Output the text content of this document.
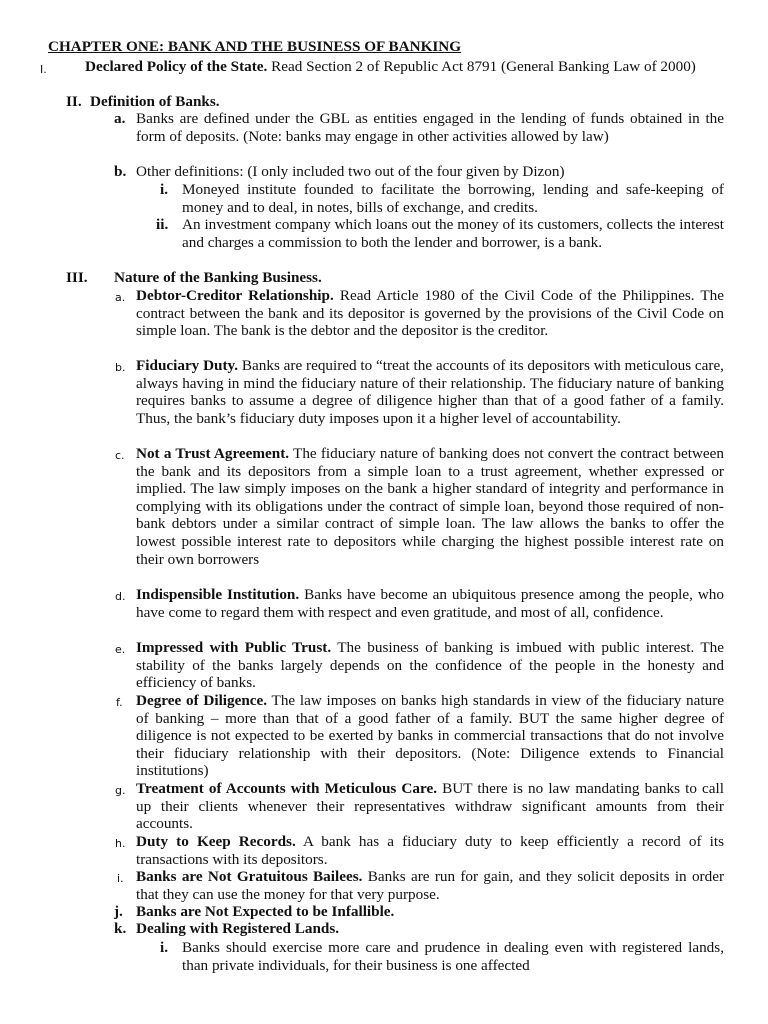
CHAPTER ONE: BANK AND THE BUSINESS OF BANKING
I.	Declared Policy of the State. Read Section 2 of Republic Act 8791 (General Banking Law of 2000)
II. Definition of Banks.
a. Banks are defined under the GBL as entities engaged in the lending of funds obtained in the form of deposits. (Note: banks may engage in other activities allowed by law)
b. Other definitions: (I only included two out of the four given by Dizon)
i. Moneyed institute founded to facilitate the borrowing, lending and safe-keeping of money and to deal, in notes, bills of exchange, and credits.
ii. An investment company which loans out the money of its customers, collects the interest and charges a commission to both the lender and borrower, is a bank.
III. Nature of the Banking Business.
a. Debtor-Creditor Relationship. Read Article 1980 of the Civil Code of the Philippines. The contract between the bank and its depositor is governed by the provisions of the Civil Code on simple loan. The bank is the debtor and the depositor is the creditor.
b. Fiduciary Duty. Banks are required to “treat the accounts of its depositors with meticulous care, always having in mind the fiduciary nature of their relationship. The fiduciary nature of banking requires banks to assume a degree of diligence higher than that of a good father of a family. Thus, the bank’s fiduciary duty imposes upon it a higher level of accountability.
c. Not a Trust Agreement. The fiduciary nature of banking does not convert the contract between the bank and its depositors from a simple loan to a trust agreement, whether expressed or implied. The law simply imposes on the bank a higher standard of integrity and performance in complying with its obligations under the contract of simple loan, beyond those required of non-bank debtors under a similar contract of simple loan. The law allows the banks to offer the lowest possible interest rate to depositors while charging the highest possible interest rate on their own borrowers
d. Indispensible Institution. Banks have become an ubiquitous presence among the people, who have come to regard them with respect and even gratitude, and most of all, confidence.
e. Impressed with Public Trust. The business of banking is imbued with public interest. The stability of the banks largely depends on the confidence of the people in the honesty and efficiency of banks.
f. Degree of Diligence. The law imposes on banks high standards in view of the fiduciary nature of banking – more than that of a good father of a family. BUT the same higher degree of diligence is not expected to be exerted by banks in commercial transactions that do not involve their fiduciary relationship with their depositors. (Note: Diligence extends to Financial institutions)
g. Treatment of Accounts with Meticulous Care. BUT there is no law mandating banks to call up their clients whenever their representatives withdraw significant amounts from their accounts.
h. Duty to Keep Records. A bank has a fiduciary duty to keep efficiently a record of its transactions with its depositors.
i. Banks are Not Gratuitous Bailees. Banks are run for gain, and they solicit deposits in order that they can use the money for that very purpose.
j. Banks are Not Expected to be Infallible.
k. Dealing with Registered Lands.
i. Banks should exercise more care and prudence in dealing even with registered lands, than private individuals, for their business is one affected
